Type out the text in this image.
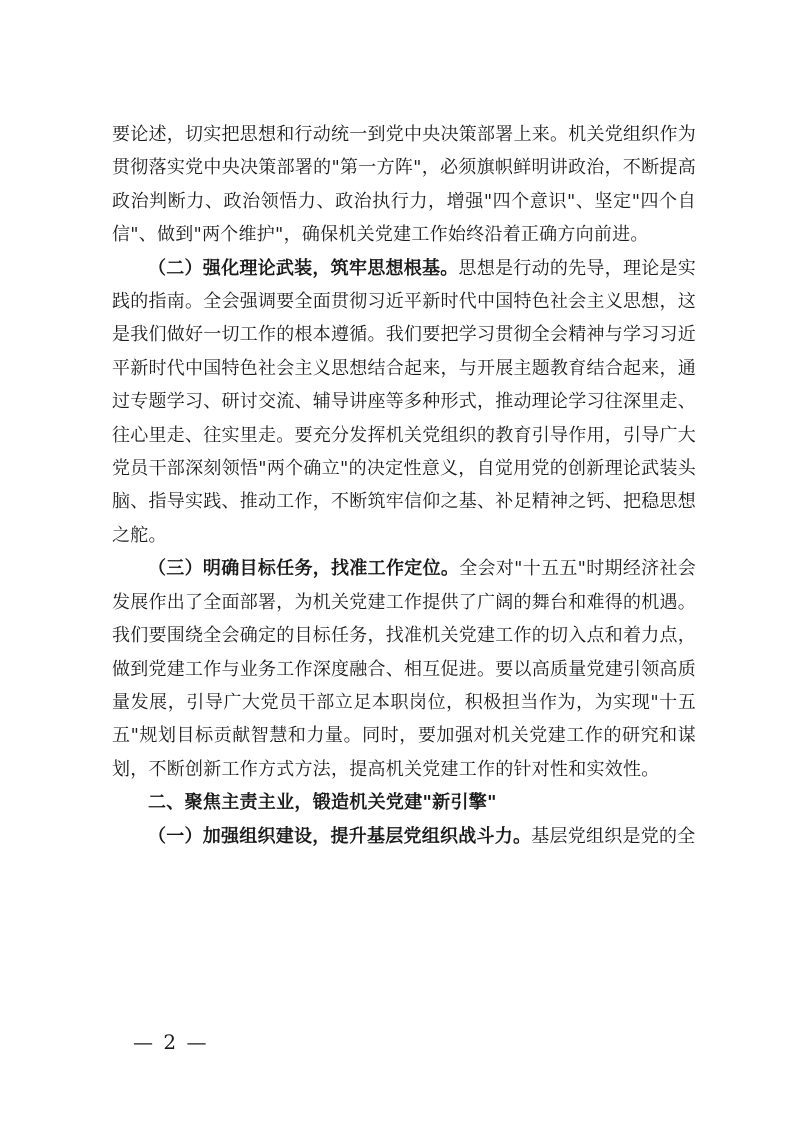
要论述，切实把思想和行动统一到党中央决策部署上来。机关党组织作为贯彻落实党中央决策部署的"第一方阵"，必须旗帜鲜明讲政治，不断提高政治判断力、政治领悟力、政治执行力，增强"四个意识"、坚定"四个自信"、做到"两个维护"，确保机关党建工作始终沿着正确方向前进。

（二）强化理论武装，筑牢思想根基。思想是行动的先导，理论是实践的指南。全会强调要全面贯彻习近平新时代中国特色社会主义思想，这是我们做好一切工作的根本遵循。我们要把学习贯彻全会精神与学习习近平新时代中国特色社会主义思想结合起来，与开展主题教育结合起来，通过专题学习、研讨交流、辅导讲座等多种形式，推动理论学习往深里走、往心里走、往实里走。要充分发挥机关党组织的教育引导作用，引导广大党员干部深刻领悟"两个确立"的决定性意义，自觉用党的创新理论武装头脑、指导实践、推动工作，不断筑牢信仰之基、补足精神之钙、把稳思想之舵。

（三）明确目标任务，找准工作定位。全会对"十五五"时期经济社会发展作出了全面部署，为机关党建工作提供了广阔的舞台和难得的机遇。我们要围绕全会确定的目标任务，找准机关党建工作的切入点和着力点，做到党建工作与业务工作深度融合、相互促进。要以高质量党建引领高质量发展，引导广大党员干部立足本职岗位，积极担当作为，为实现"十五五"规划目标贡献智慧和力量。同时，要加强对机关党建工作的研究和谋划，不断创新工作方式方法，提高机关党建工作的针对性和实效性。

二、聚焦主责主业，锻造机关党建"新引擎"

（一）加强组织建设，提升基层党组织战斗力。基层党组织是党的全

— 2 —
